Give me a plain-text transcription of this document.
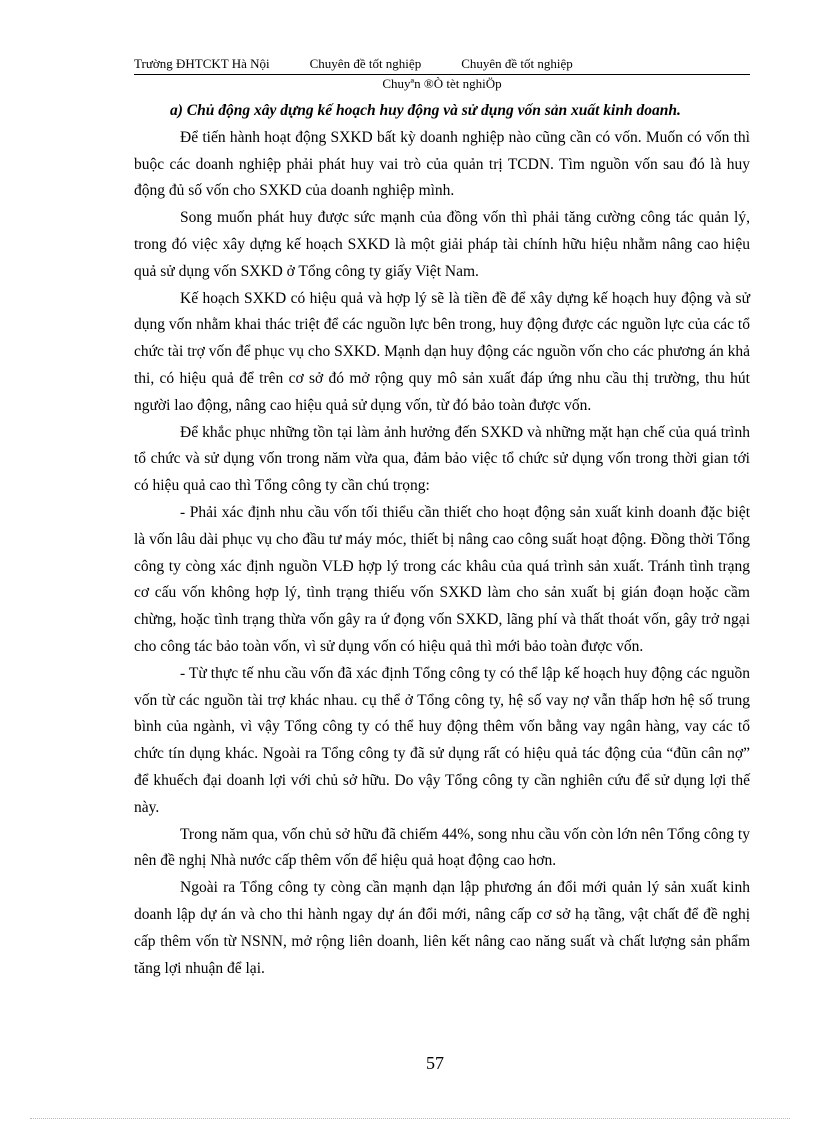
Trường ĐHTCKT Hà Nội	Chuyên đề tốt nghiệp	Chuyên đề tốt nghiệp
Chuyªn ®Ò tèt nghiÖp

a) Chủ động xây dựng kế hoạch huy động và sử dụng vốn sản xuất kinh doanh.

Để tiến hành hoạt động SXKD bất kỳ doanh nghiệp nào cũng cần có vốn. Muốn có vốn thì buộc các doanh nghiệp phải phát huy vai trò của quản trị TCDN. Tìm nguồn vốn sau đó là huy động đủ số vốn cho SXKD của doanh nghiệp mình.

Song muốn phát huy được sức mạnh của đồng vốn thì phải tăng cường công tác quản lý, trong đó việc xây dựng kế hoạch SXKD là một giải pháp tài chính hữu hiệu nhằm nâng cao hiệu quả sử dụng vốn SXKD ở Tổng công ty giấy Việt Nam.

Kế hoạch SXKD có hiệu quả và hợp lý sẽ là tiền đề để xây dựng kế hoạch huy động và sử dụng vốn nhằm khai thác triệt để các nguồn lực bên trong, huy động được các nguồn lực của các tổ chức tài trợ vốn để phục vụ cho SXKD. Mạnh dạn huy động các nguồn vốn cho các phương án khả thi, có hiệu quả để trên cơ sở đó mở rộng quy mô sản xuất đáp ứng nhu cầu thị trường, thu hút người lao động, nâng cao hiệu quả sử dụng vốn, từ đó bảo toàn được vốn.

Để khắc phục những tồn tại làm ảnh hưởng đến SXKD và những mặt hạn chế của quá trình tổ chức và sử dụng vốn trong năm vừa qua, đảm bảo việc tổ chức sử dụng vốn trong thời gian tới có hiệu quả cao thì Tổng công ty cần chú trọng:

- Phải xác định nhu cầu vốn tối thiểu cần thiết cho hoạt động sản xuất kinh doanh đặc biệt là vốn lâu dài phục vụ cho đầu tư máy móc, thiết bị nâng cao công suất hoạt động. Đồng thời Tổng công ty còng xác định nguồn VLĐ hợp lý trong các khâu của quá trình sản xuất. Tránh tình trạng cơ cấu vốn không hợp lý, tình trạng thiếu vốn SXKD làm cho sản xuất bị gián đoạn hoặc cầm chừng, hoặc tình trạng thừa vốn gây ra ứ đọng vốn SXKD, lãng phí và thất thoát vốn, gây trở ngại cho công tác bảo toàn vốn, vì sử dụng vốn có hiệu quả thì mới bảo toàn được vốn.

- Từ thực tế nhu cầu vốn đã xác định Tổng công ty có thể lập kế hoạch huy động các nguồn vốn từ các nguồn tài trợ khác nhau. cụ thể ở Tổng công ty, hệ số vay nợ vẫn thấp hơn hệ số trung bình của ngành, vì vậy Tổng công ty có thể huy động thêm vốn bằng vay ngân hàng, vay các tổ chức tín dụng khác. Ngoài ra Tổng công ty đã sử dụng rất có hiệu quả tác động của “đũn cân nợ” để khuếch đại doanh lợi với chủ sở hữu. Do vậy Tổng công ty cần nghiên cứu để sử dụng lợi thế này.

Trong năm qua, vốn chủ sở hữu đã chiếm 44%, song nhu cầu vốn còn lớn nên Tổng công ty nên đề nghị Nhà nước cấp thêm vốn để hiệu quả hoạt động cao hơn.

Ngoài ra Tổng công ty còng cần mạnh dạn lập phương án đổi mới quản lý sản xuất kinh doanh lập dự án và cho thi hành ngay dự án đổi mới, nâng cấp cơ sở hạ tầng, vật chất để đề nghị cấp thêm vốn từ NSNN, mở rộng liên doanh, liên kết nâng cao năng suất và chất lượng sản phẩm tăng lợi nhuận để lại.

57
